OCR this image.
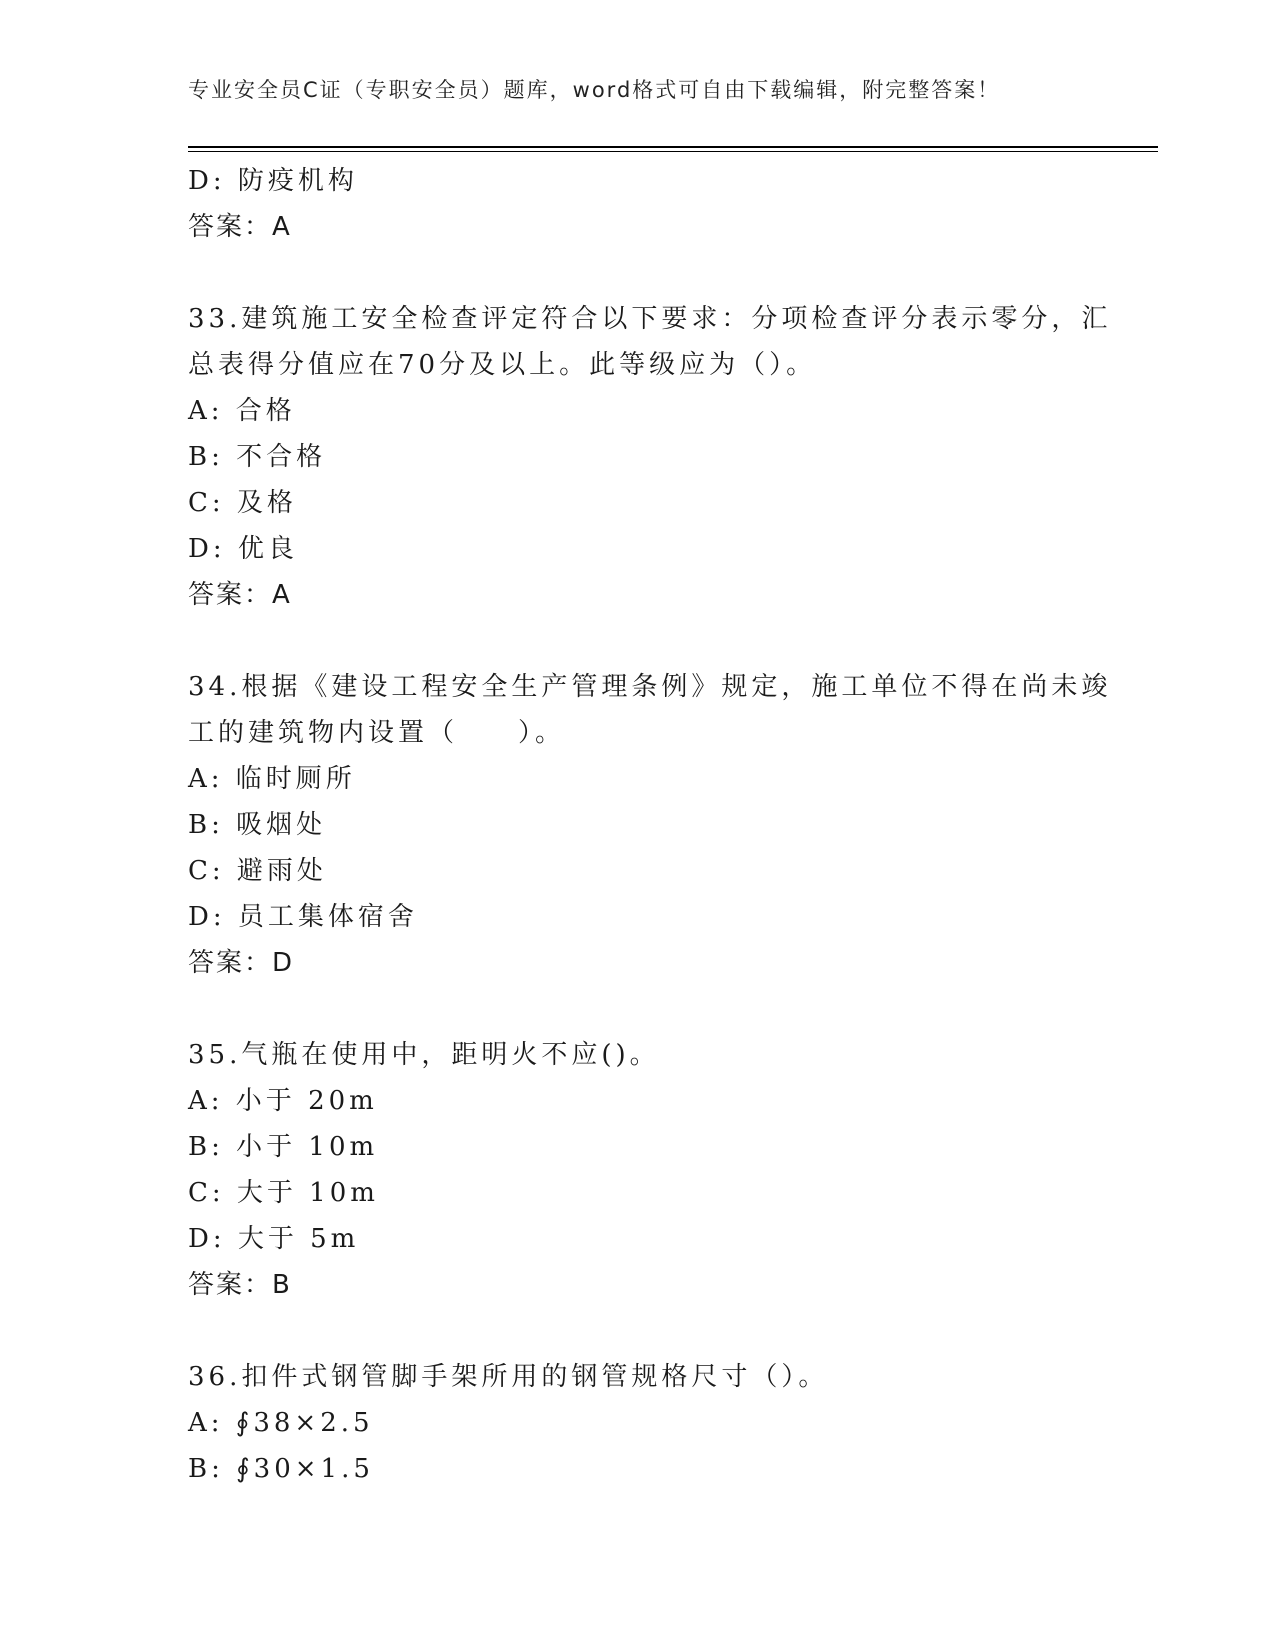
专业安全员C证（专职安全员）题库，word格式可自由下载编辑，附完整答案！
D: 防疫机构
答案：A
33.建筑施工安全检查评定符合以下要求：分项检查评分表示零分，汇
总表得分值应在70分及以上。此等级应为（）。
A: 合格
B: 不合格
C: 及格
D: 优良
答案：A
34.根据《建设工程安全生产管理条例》规定，施工单位不得在尚未竣
工的建筑物内设置（　　）。
A: 临时厕所
B: 吸烟处
C: 避雨处
D: 员工集体宿舍
答案：D
35.气瓶在使用中，距明火不应()。
A: 小于 20m
B: 小于 10m
C: 大于 10m
D: 大于 5m
答案：B
36.扣件式钢管脚手架所用的钢管规格尺寸（）。
A: ∮38×2.5
B: ∮30×1.5
